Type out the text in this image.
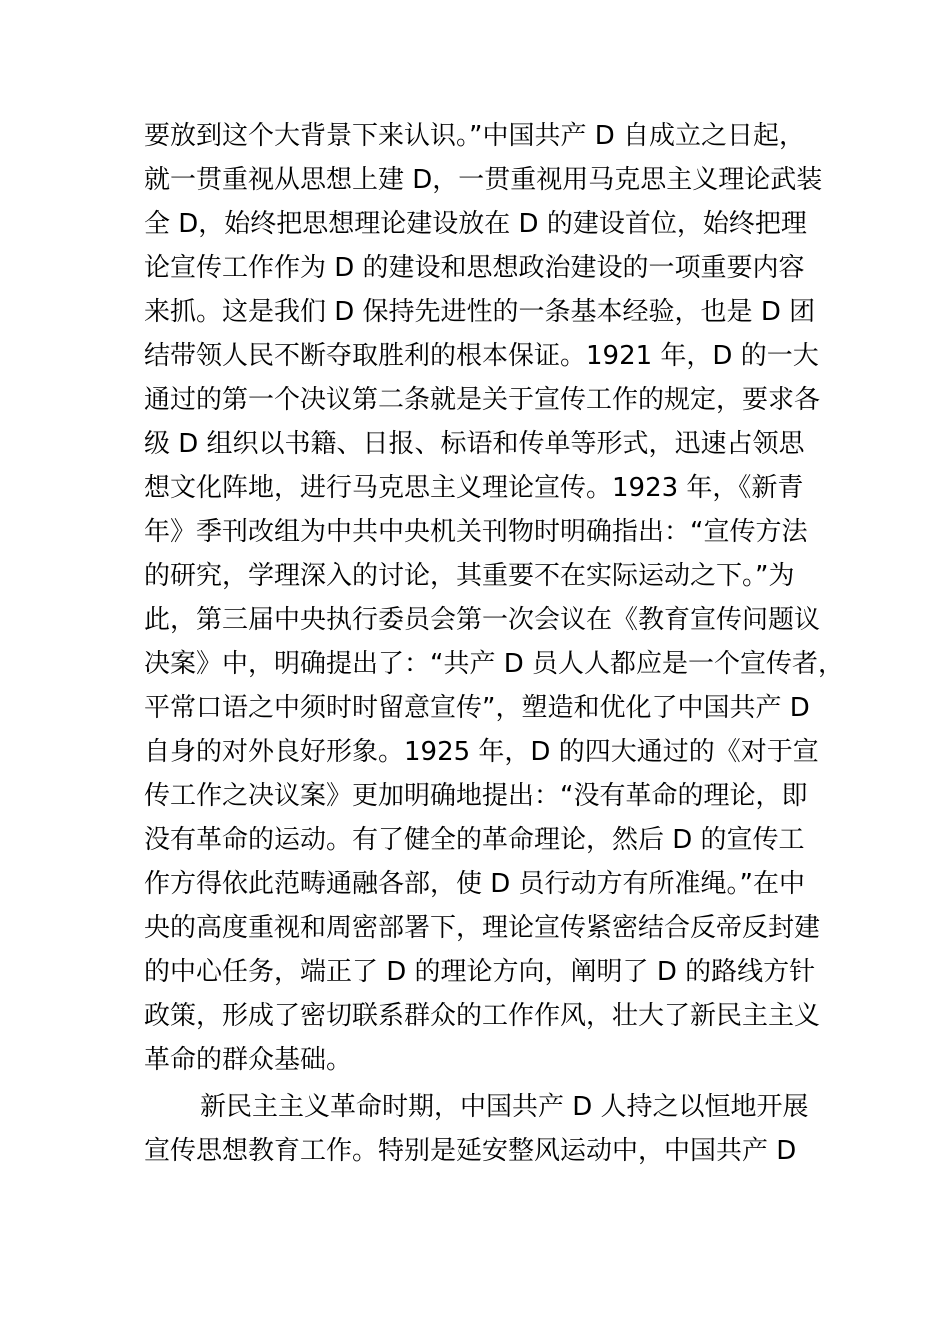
要放到这个大背景下来认识。”中国共产 D 自成立之日起，
就一贯重视从思想上建 D，一贯重视用马克思主义理论武装
全 D，始终把思想理论建设放在 D 的建设首位，始终把理
论宣传工作作为 D 的建设和思想政治建设的一项重要内容
来抓。这是我们 D 保持先进性的一条基本经验，也是 D 团
结带领人民不断夺取胜利的根本保证。1921 年，D 的一大
通过的第一个决议第二条就是关于宣传工作的规定，要求各
级 D 组织以书籍、日报、标语和传单等形式，迅速占领思
想文化阵地，进行马克思主义理论宣传。1923 年，《新青
年》季刊改组为中共中央机关刊物时明确指出：“宣传方法
的研究，学理深入的讨论，其重要不在实际运动之下。”为
此，第三届中央执行委员会第一次会议在《教育宣传问题议
决案》中，明确提出了：“共产 D 员人人都应是一个宣传者，
平常口语之中须时时留意宣传”，塑造和优化了中国共产 D
自身的对外良好形象。1925 年，D 的四大通过的《对于宣
传工作之决议案》更加明确地提出：“没有革命的理论，即
没有革命的运动。有了健全的革命理论，然后 D 的宣传工
作方得依此范畴通融各部，使 D 员行动方有所准绳。”在中
央的高度重视和周密部署下，理论宣传紧密结合反帝反封建
的中心任务，端正了 D 的理论方向，阐明了 D 的路线方针
政策，形成了密切联系群众的工作作风，壮大了新民主主义
革命的群众基础。
新民主主义革命时期，中国共产 D 人持之以恒地开展
宣传思想教育工作。特别是延安整风运动中，中国共产 D
